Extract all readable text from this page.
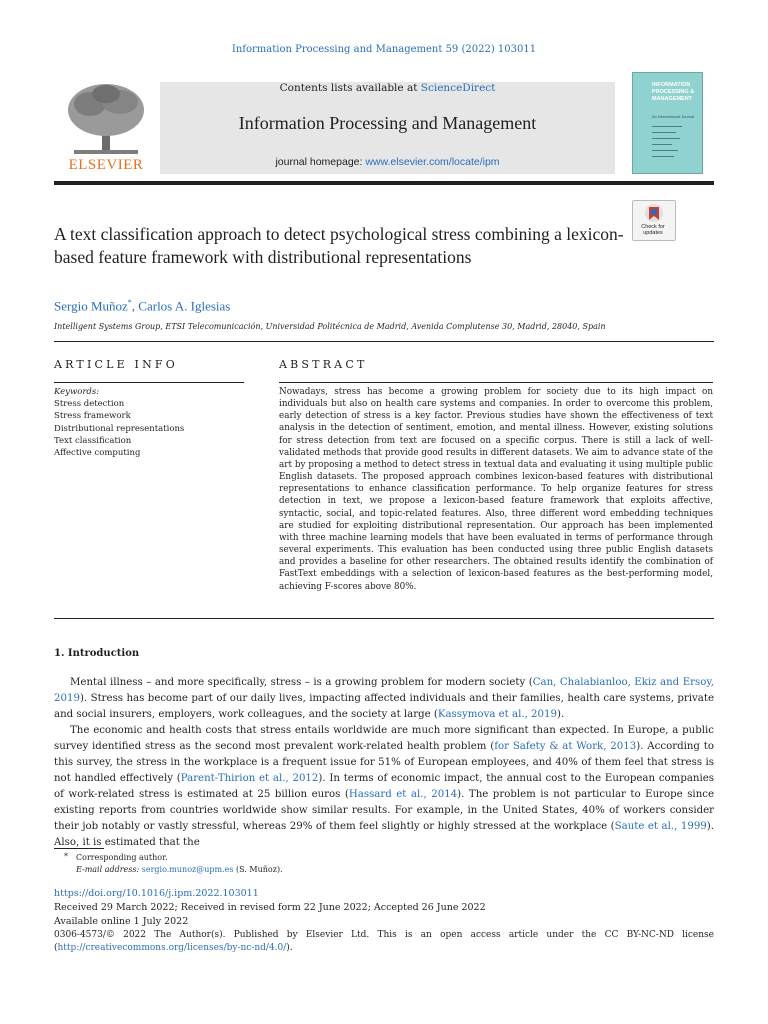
Information Processing and Management 59 (2022) 103011
ELSEVIER
Contents lists available at ScienceDirect
Information Processing and Management
journal homepage: www.elsevier.com/locate/ipm
INFORMATION PROCESSING & MANAGEMENT
An International Journal
A text classification approach to detect psychological stress combining a lexicon-based feature framework with distributional representations
Check for updates
Sergio Muñoz*, Carlos A. Iglesias
Intelligent Systems Group, ETSI Telecomunicación, Universidad Politécnica de Madrid, Avenida Complutense 30, Madrid, 28040, Spain
ARTICLE INFO
Keywords:
Stress detection
Stress framework
Distributional representations
Text classification
Affective computing
ABSTRACT
Nowadays, stress has become a growing problem for society due to its high impact on individuals but also on health care systems and companies. In order to overcome this problem, early detection of stress is a key factor. Previous studies have shown the effectiveness of text analysis in the detection of sentiment, emotion, and mental illness. However, existing solutions for stress detection from text are focused on a specific corpus. There is still a lack of well-validated methods that provide good results in different datasets. We aim to advance state of the art by proposing a method to detect stress in textual data and evaluating it using multiple public English datasets. The proposed approach combines lexicon-based features with distributional representations to enhance classification performance. To help organize features for stress detection in text, we propose a lexicon-based feature framework that exploits affective, syntactic, social, and topic-related features. Also, three different word embedding techniques are studied for exploiting distributional representation. Our approach has been implemented with three machine learning models that have been evaluated in terms of performance through several experiments. This evaluation has been conducted using three public English datasets and provides a baseline for other researchers. The obtained results identify the combination of FastText embeddings with a selection of lexicon-based features as the best-performing model, achieving F-scores above 80%.
1. Introduction
Mental illness – and more specifically, stress – is a growing problem for modern society (Can, Chalabianloo, Ekiz and Ersoy, 2019). Stress has become part of our daily lives, impacting affected individuals and their families, health care systems, private and social insurers, employers, work colleagues, and the society at large (Kassymova et al., 2019).
The economic and health costs that stress entails worldwide are much more significant than expected. In Europe, a public survey identified stress as the second most prevalent work-related health problem (for Safety & at Work, 2013). According to this survey, the stress in the workplace is a frequent issue for 51% of European employees, and 40% of them feel that stress is not handled effectively (Parent-Thirion et al., 2012). In terms of economic impact, the annual cost to the European companies of work-related stress is estimated at 25 billion euros (Hassard et al., 2014). The problem is not particular to Europe since existing reports from countries worldwide show similar results. For example, in the United States, 40% of workers consider their job notably or vastly stressful, whereas 29% of them feel slightly or highly stressed at the workplace (Saute et al., 1999). Also, it is estimated that the
* Corresponding author.
E-mail address: sergio.munoz@upm.es (S. Muñoz).
https://doi.org/10.1016/j.ipm.2022.103011
Received 29 March 2022; Received in revised form 22 June 2022; Accepted 26 June 2022
Available online 1 July 2022
0306-4573/© 2022 The Author(s). Published by Elsevier Ltd. This is an open access article under the CC BY-NC-ND license
(http://creativecommons.org/licenses/by-nc-nd/4.0/).
